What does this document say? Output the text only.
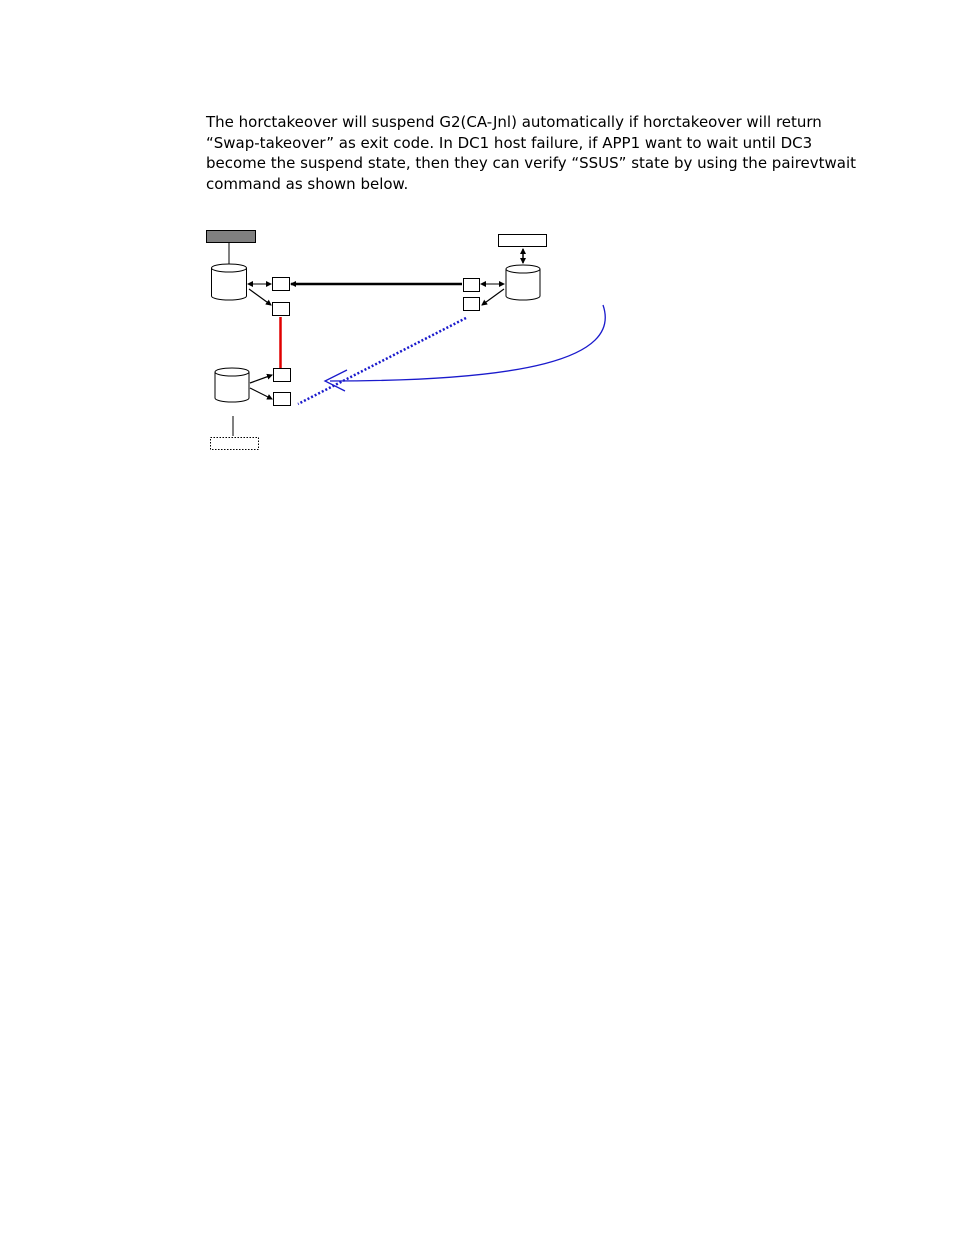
The horctakeover will suspend G2(CA-Jnl) automatically if horctakeover will return “Swap-takeover” as exit code. In DC1 host failure, if APP1 want to wait until DC3 become the suspend state, then they can verify “SSUS” state by using the pairevtwait command as shown below.
